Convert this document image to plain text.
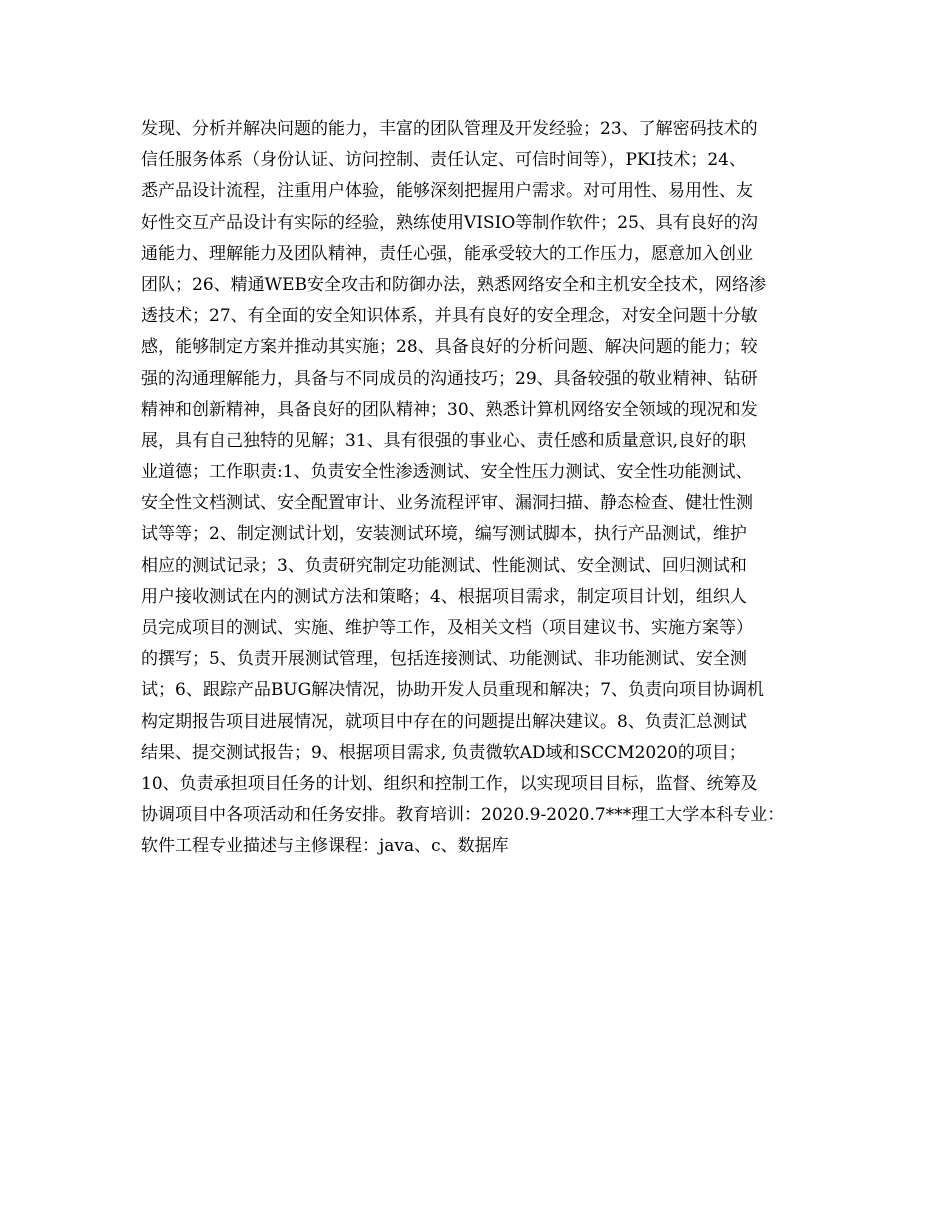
发现、分析并解决问题的能力，丰富的团队管理及开发经验；23、了解密码技术的
信任服务体系（身份认证、访问控制、责任认定、可信时间等），PKI技术；24、
悉产品设计流程，注重用户体验，能够深刻把握用户需求。对可用性、易用性、友
好性交互产品设计有实际的经验，熟练使用VISIO等制作软件；25、具有良好的沟
通能力、理解能力及团队精神，责任心强，能承受较大的工作压力，愿意加入创业
团队；26、精通WEB安全攻击和防御办法，熟悉网络安全和主机安全技术，网络渗
透技术；27、有全面的安全知识体系，并具有良好的安全理念，对安全问题十分敏
感，能够制定方案并推动其实施；28、具备良好的分析问题、解决问题的能力；较
强的沟通理解能力，具备与不同成员的沟通技巧；29、具备较强的敬业精神、钻研
精神和创新精神，具备良好的团队精神；30、熟悉计算机网络安全领域的现况和发
展，具有自己独特的见解；31、具有很强的事业心、责任感和质量意识,良好的职
业道德；工作职责:1、负责安全性渗透测试、安全性压力测试、安全性功能测试、
安全性文档测试、安全配置审计、业务流程评审、漏洞扫描、静态检查、健壮性测
试等等；2、制定测试计划，安装测试环境，编写测试脚本，执行产品测试，维护
相应的测试记录；3、负责研究制定功能测试、性能测试、安全测试、回归测试和
用户接收测试在内的测试方法和策略；4、根据项目需求，制定项目计划，组织人
员完成项目的测试、实施、维护等工作，及相关文档（项目建议书、实施方案等）
的撰写；5、负责开展测试管理，包括连接测试、功能测试、非功能测试、安全测
试；6、跟踪产品BUG解决情况，协助开发人员重现和解决；7、负责向项目协调机
构定期报告项目进展情况，就项目中存在的问题提出解决建议。8、负责汇总测试
结果、提交测试报告；9、根据项目需求, 负责微软AD域和SCCM2020的项目；
10、负责承担项目任务的计划、组织和控制工作，以实现项目目标，监督、统筹及
协调项目中各项活动和任务安排。教育培训：2020.9-2020.7***理工大学本科专业：
软件工程专业描述与主修课程：java、c、数据库
